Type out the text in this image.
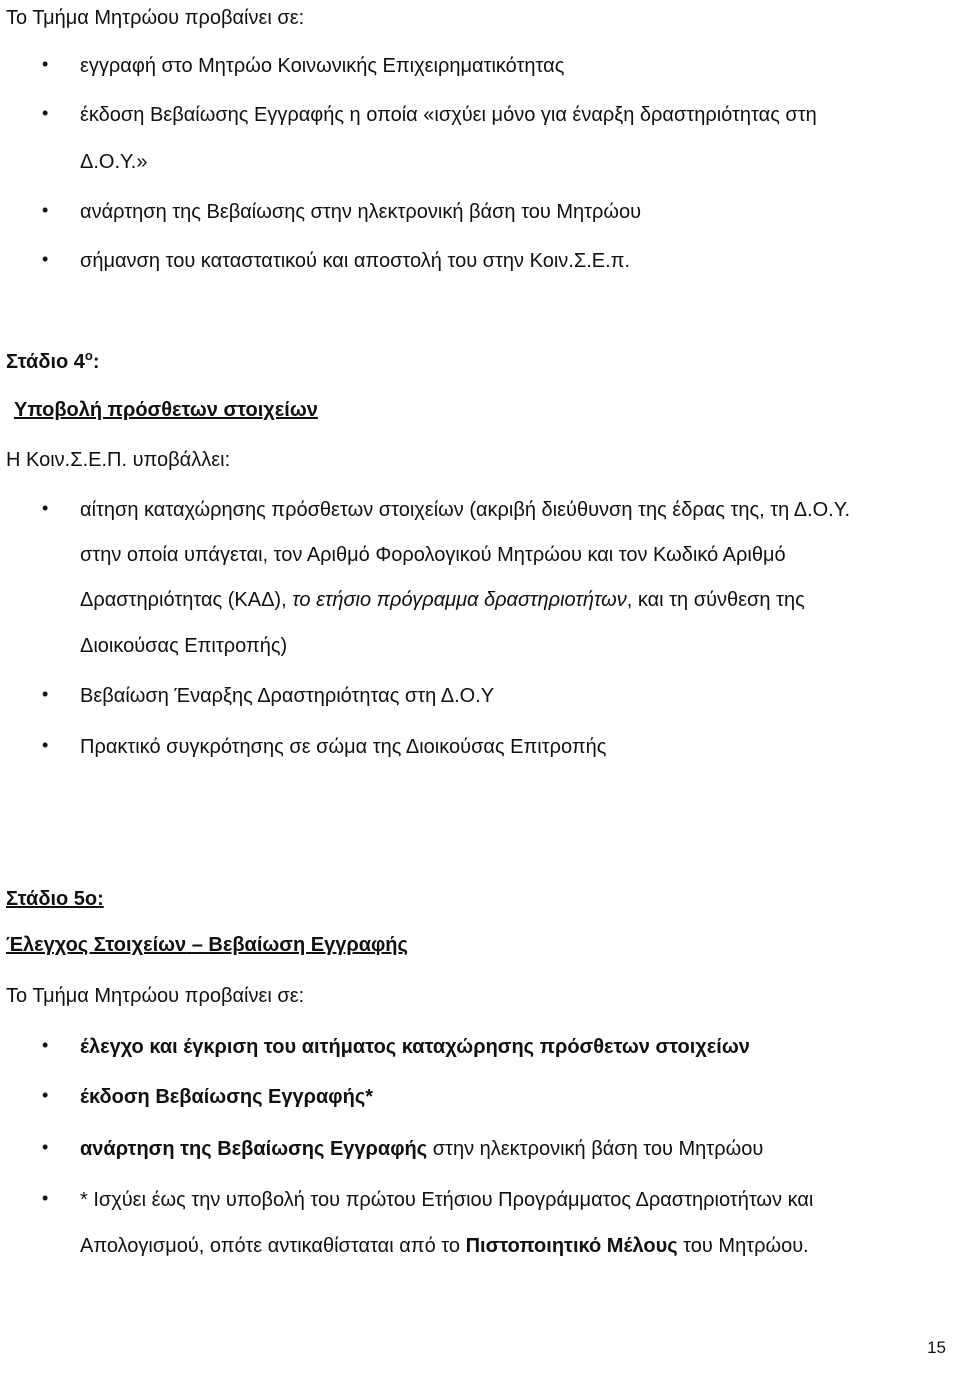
Το Τμήμα Μητρώου προβαίνει σε:
• εγγραφή στο Μητρώο Κοινωνικής Επιχειρηματικότητας
• έκδοση Βεβαίωσης Εγγραφής η οποία «ισχύει μόνο για έναρξη δραστηριότητας στη
Δ.Ο.Υ.»
• ανάρτηση της Βεβαίωσης στην ηλεκτρονική βάση του Μητρώου
• σήμανση του καταστατικού και αποστολή του στην Κοιν.Σ.Ε.π.
Στάδιο $4^o$:
Υποβολή πρόσθετων στοιχείων
Η Κοιν.Σ.Ε.Π. υποβάλλει:
• αίτηση καταχώρησης πρόσθετων στοιχείων (ακριβή διεύθυνση της έδρας της, τη Δ.Ο.Υ.
στην οποία υπάγεται, τον Αριθμό Φορολογικού Μητρώου και τον Κωδικό Αριθμό
Δραστηριότητας (ΚΑΔ), το ετήσιο πρόγραμμα δραστηριοτήτων, και τη σύνθεση της
Διοικούσας Επιτροπής)
• Βεβαίωση Έναρξης Δραστηριότητας στη Δ.Ο.Υ
• Πρακτικό συγκρότησης σε σώμα της Διοικούσας Επιτροπής
Στάδιο 5ο:
Έλεγχος Στοιχείων – Βεβαίωση Εγγραφής
Το Τμήμα Μητρώου προβαίνει σε:
• έλεγχο και έγκριση του αιτήματος καταχώρησης πρόσθετων στοιχείων
• έκδοση Βεβαίωσης Εγγραφής*
• ανάρτηση της Βεβαίωσης Εγγραφής στην ηλεκτρονική βάση του Μητρώου
• * Ισχύει έως την υποβολή του πρώτου Ετήσιου Προγράμματος Δραστηριοτήτων και
Απολογισμού, οπότε αντικαθίσταται από το Πιστοποιητικό Μέλους του Μητρώου.
15
